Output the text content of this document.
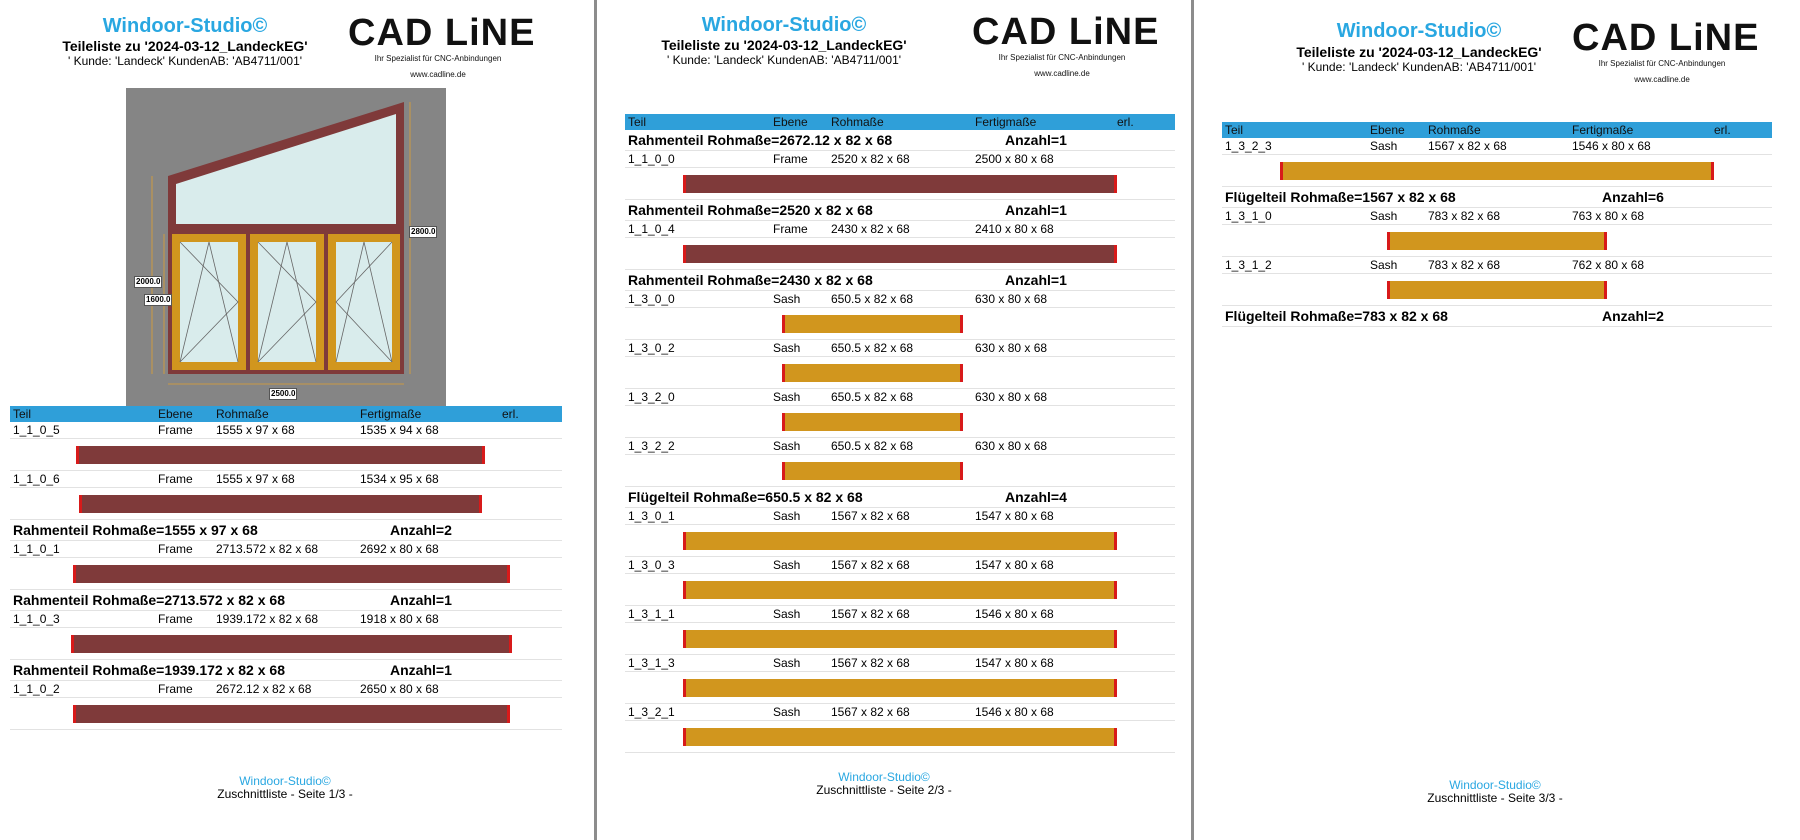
Windoor-Studio©
Teileliste zu '2024-03-12_LandeckEG'
' Kunde: 'Landeck' KundenAB: 'AB4711/001'
CAD LiNE
Ihr Spezialist für CNC-Anbindungen
www.cadline.de
2800.0
2000.0
1600.0
2500.0
Teil	Ebene Rohmaße	Fertigmaße	erl.
1_1_0_5	Frame 1555 x 97 x 68	1535 x 94 x 68
1_1_0_6	Frame 1555 x 97 x 68	1534 x 95 x 68
Rahmenteil Rohmaße=1555 x 97 x 68	Anzahl=2
1_1_0_1	Frame 2713.572 x 82 x 68	2692 x 80 x 68
Rahmenteil Rohmaße=2713.572 x 82 x 68	Anzahl=1
1_1_0_3	Frame 1939.172 x 82 x 68	1918 x 80 x 68
Rahmenteil Rohmaße=1939.172 x 82 x 68	Anzahl=1
1_1_0_2	Frame 2672.12 x 82 x 68	2650 x 80 x 68
Windoor-Studio©
Zuschnittliste - Seite 1/3 -
Windoor-Studio©
Teileliste zu '2024-03-12_LandeckEG'
' Kunde: 'Landeck' KundenAB: 'AB4711/001'
CAD LiNE
Ihr Spezialist für CNC-Anbindungen
www.cadline.de
Teil	Ebene Rohmaße	Fertigmaße	erl.
Rahmenteil Rohmaße=2672.12 x 82 x 68	Anzahl=1
1_1_0_0	Frame 2520 x 82 x 68	2500 x 80 x 68
Rahmenteil Rohmaße=2520 x 82 x 68	Anzahl=1
1_1_0_4	Frame 2430 x 82 x 68	2410 x 80 x 68
Rahmenteil Rohmaße=2430 x 82 x 68	Anzahl=1
1_3_0_0	Sash	650.5 x 82 x 68	630 x 80 x 68
1_3_0_2	Sash	650.5 x 82 x 68	630 x 80 x 68
1_3_2_0	Sash	650.5 x 82 x 68	630 x 80 x 68
1_3_2_2	Sash	650.5 x 82 x 68	630 x 80 x 68
Flügelteil Rohmaße=650.5 x 82 x 68	Anzahl=4
1_3_0_1	Sash	1567 x 82 x 68	1547 x 80 x 68
1_3_0_3	Sash	1567 x 82 x 68	1547 x 80 x 68
1_3_1_1	Sash	1567 x 82 x 68	1546 x 80 x 68
1_3_1_3	Sash	1567 x 82 x 68	1547 x 80 x 68
1_3_2_1	Sash	1567 x 82 x 68	1546 x 80 x 68
Windoor-Studio©
Zuschnittliste - Seite 2/3 -
Windoor-Studio©
Teileliste zu '2024-03-12_LandeckEG'
' Kunde: 'Landeck' KundenAB: 'AB4711/001'
CAD LiNE
Ihr Spezialist für CNC-Anbindungen
www.cadline.de
Teil	Ebene Rohmaße	Fertigmaße	erl.
1_3_2_3	Sash	1567 x 82 x 68	1546 x 80 x 68
Flügelteil Rohmaße=1567 x 82 x 68	Anzahl=6
1_3_1_0	Sash	783 x 82 x 68	763 x 80 x 68
1_3_1_2	Sash	783 x 82 x 68	762 x 80 x 68
Flügelteil Rohmaße=783 x 82 x 68	Anzahl=2
Windoor-Studio©
Zuschnittliste - Seite 3/3 -
